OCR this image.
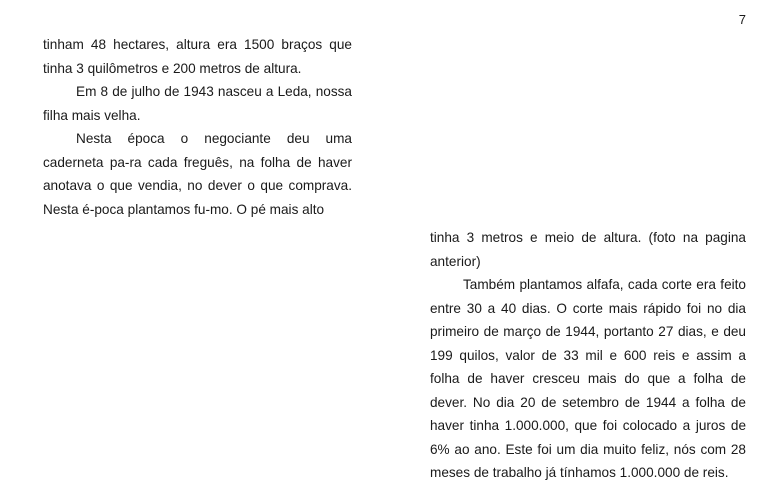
7

tinham 48 hectares, altura era 1500 braços que tinha 3 quilômetros e 200 metros de altura.

Em 8 de julho de 1943 nasceu a Leda, nossa filha mais velha.

Nesta época o negociante deu uma caderneta pa-ra cada freguês, na folha de haver anotava o que vendia, no dever o que comprava. Nesta é-poca plantamos fu-mo. O pé mais alto

tinha 3 metros e meio de altura. (foto na pagina anterior)

Também plantamos alfafa, cada corte era feito entre 30 a 40 dias. O corte mais rápido foi no dia primeiro de março de 1944, portanto 27 dias, e deu 199 quilos, valor de 33 mil e 600 reis e assim a folha de haver cresceu mais do que a folha de dever. No dia 20 de setembro de 1944 a folha de haver tinha 1.000.000, que foi colocado a juros de 6% ao ano. Este foi um dia muito feliz, nós com 28 meses de trabalho já tínhamos 1.000.000 de reis.
